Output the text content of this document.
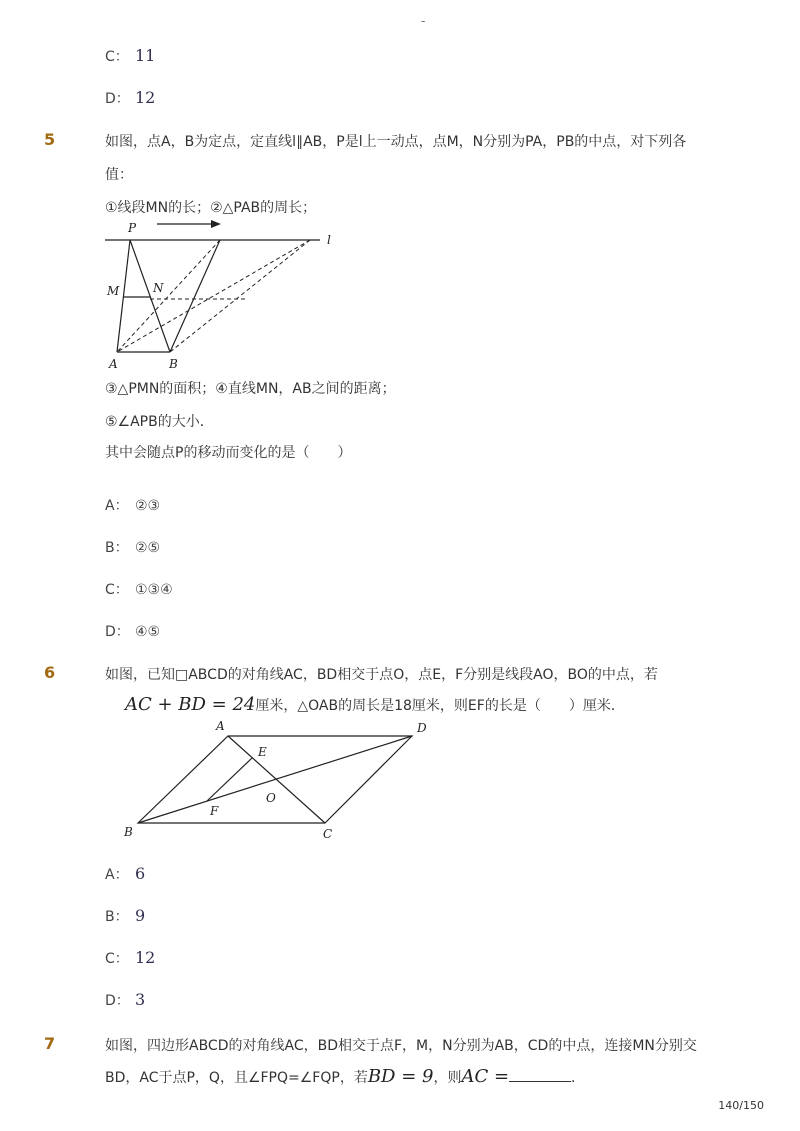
-
C： 11
D： 12
5	如图，点A，B为定点，定直线l∥AB，P是l上一动点，点M，N分别为PA，PB的中点，对下列各
值：
①线段MN的长；②△PAB的周长；
P
l
M	N
A	B
③△PMN的面积；④直线MN，AB之间的距离；
⑤∠APB的大小．
其中会随点P的移动而变化的是（　　）
A： ②③
B： ②⑤
C： ①③④
D： ④⑤
6	如图，已知□ABCD的对角线AC，BD相交于点O，点E，F分别是线段AO，BO的中点，若
AC + BD = 24厘米，△OAB的周长是18厘米，则EF的长是（　　）厘米．
A	D
E
O
F
B	C
A： 6
B： 9
C： 12
D： 3
7	如图，四边形ABCD的对角线AC，BD相交于点F，M，N分别为AB，CD的中点，连接MN分别交
BD，AC于点P，Q，且∠FPQ=∠FQP，若BD = 9，则AC =	．
140/150
